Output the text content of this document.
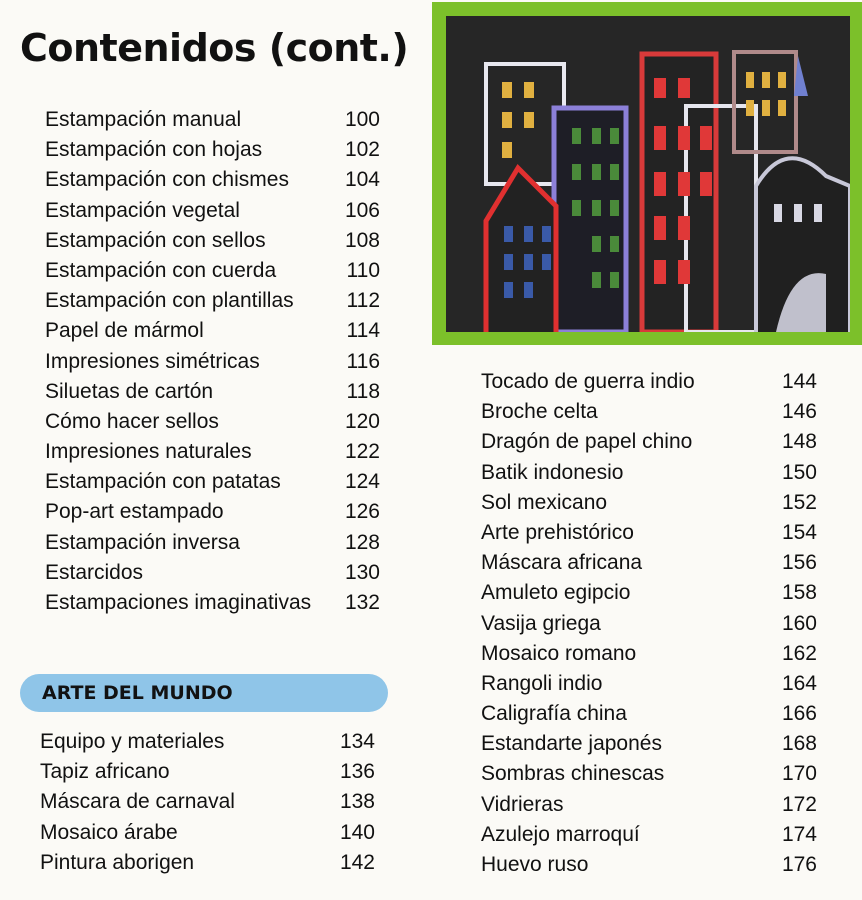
Contenidos (cont.)
Estampación manual	100
Estampación con hojas	102
Estampación con chismes	104
Estampación vegetal	106
Estampación con sellos	108
Estampación con cuerda	110
Estampación con plantillas	112
Papel de mármol	114
Impresiones simétricas	116
Siluetas de cartón	118
Cómo hacer sellos	120
Impresiones naturales	122
Estampación con patatas	124
Pop-art estampado	126
Estampación inversa	128
Estarcidos	130
Estampaciones imaginativas 132
ARTE DEL MUNDO
Equipo y materiales	134
Tapiz africano	136
Máscara de carnaval	138
Mosaico árabe	140
Pintura aborigen	142
Tocado de guerra indio	144
Broche celta	146
Dragón de papel chino	148
Batik indonesio	150
Sol mexicano	152
Arte prehistórico	154
Máscara africana	156
Amuleto egipcio	158
Vasija griega	160
Mosaico romano	162
Rangoli indio	164
Caligrafía china	166
Estandarte japonés	168
Sombras chinescas	170
Vidrieras	172
Azulejo marroquí	174
Huevo ruso	176
